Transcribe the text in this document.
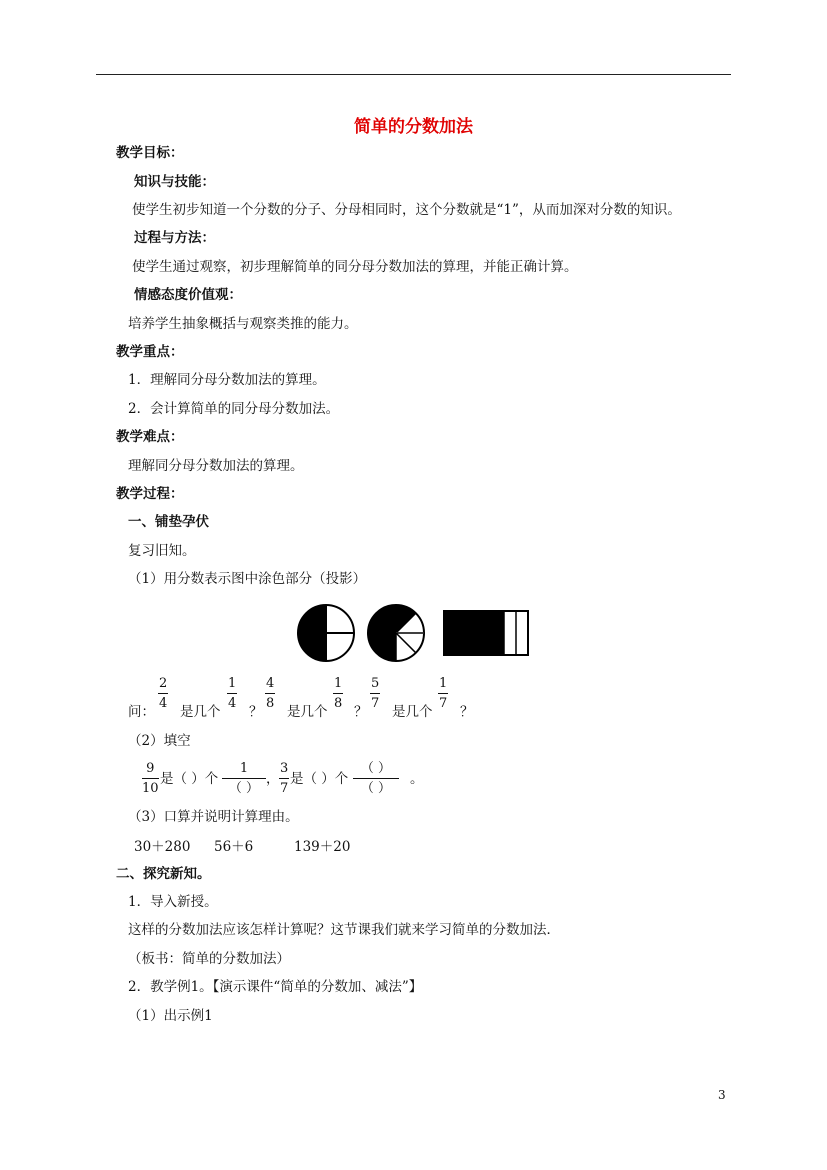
简单的分数加法
教学目标：
知识与技能：
使学生初步知道一个分数的分子、分母相同时，这个分数就是“1”，从而加深对分数的知识。
过程与方法：
使学生通过观察，初步理解简单的同分母分数加法的算理，并能正确计算。
情感态度价值观：
培养学生抽象概括与观察类推的能力。
教学重点：
1．理解同分母分数加法的算理。
2．会计算简单的同分母分数加法。
教学难点：
理解同分母分数加法的算理。
教学过程：
一、铺垫孕伏
复习旧知。
（1）用分数表示图中涂色部分（投影）
问：
2
4
是几个
1
4
？
4
8
是几个
1
8
？
5
7
是几个
1
7
？
（2）填空
9
10
是（ ）个
1
（ ）
，
3
7
是（ ）个
（ ）
（ ）
。
（3）口算并说明计算理由。
30＋280 56＋6	139＋20
二、探究新知。
1．导入新授。
这样的分数加法应该怎样计算呢？这节课我们就来学习简单的分数加法．
（板书：简单的分数加法）
2．教学例1。【演示课件“简单的分数加、减法”】
（1）出示例1
3
